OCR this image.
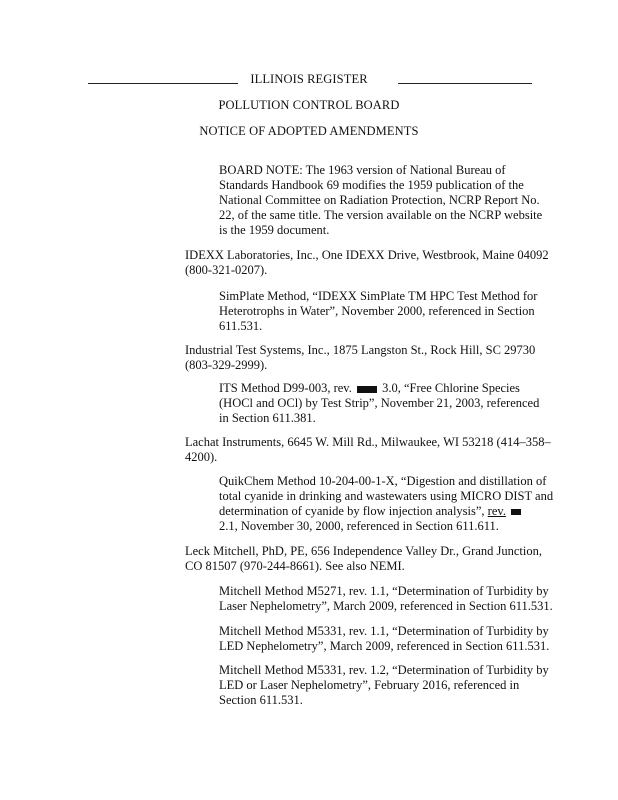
ILLINOIS REGISTER
POLLUTION CONTROL BOARD
NOTICE OF ADOPTED AMENDMENTS

BOARD NOTE: The 1963 version of National Bureau of

Standards Handbook 69 modifies the 1959 publication of the

National Committee on Radiation Protection, NCRP Report No.

22, of the same title. The version available on the NCRP website

is the 1959 document.

IDEXX Laboratories, Inc., One IDEXX Drive, Westbrook, Maine 04092

(800-321-0207).

SimPlate Method, “IDEXX SimPlate TM HPC Test Method for

Heterotrophs in Water”, November 2000, referenced in Section

611.531.

Industrial Test Systems, Inc., 1875 Langston St., Rock Hill, SC 29730

(803-329-2999).

ITS Method D99-003, rev. 3.0, “Free Chlorine Species

(HOCl and OCl) by Test Strip”, November 21, 2003, referenced

in Section 611.381.

Lachat Instruments, 6645 W. Mill Rd., Milwaukee, WI 53218 (414–358–

4200).

QuikChem Method 10-204-00-1-X, “Digestion and distillation of

total cyanide in drinking and wastewaters using MICRO DIST and

determination of cyanide by flow injection analysis”, rev.

2.1, November 30, 2000, referenced in Section 611.611.

Leck Mitchell, PhD, PE, 656 Independence Valley Dr., Grand Junction,

CO 81507 (970-244-8661). See also NEMI.

Mitchell Method M5271, rev. 1.1, “Determination of Turbidity by

Laser Nephelometry”, March 2009, referenced in Section 611.531.

Mitchell Method M5331, rev. 1.1, “Determination of Turbidity by

LED Nephelometry”, March 2009, referenced in Section 611.531.

Mitchell Method M5331, rev. 1.2, “Determination of Turbidity by

LED or Laser Nephelometry”, February 2016, referenced in

Section 611.531.
